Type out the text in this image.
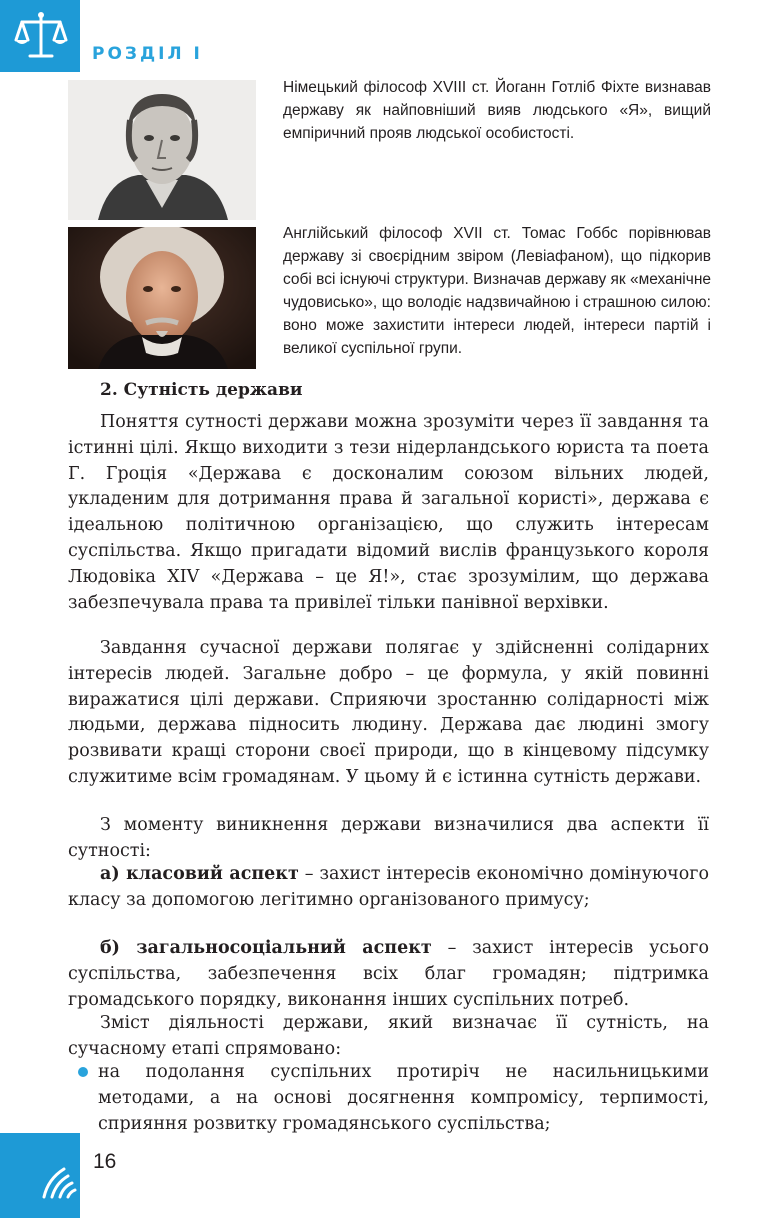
РОЗДІЛ І
Німецький філософ XVIII ст. Йоганн Готліб Фіхте визнавав державу як найповніший вияв людського «Я», вищий емпіричний прояв людської особистості.
Англійський філософ XVII ст. Томас Гоббс порівнював державу зі своєрідним звіром (Левіафаном), що підкорив собі всі існуючі структури. Визначав державу як «механічне чудовисько», що володіє надзвичайною і страшною силою: воно може захистити інтереси людей, інтереси партій і великої суспільної групи.
2. Сутність держави
Поняття сутності держави можна зрозуміти через її завдання та істинні цілі. Якщо виходити з тези нідерландського юриста та поета Г. Гроція «Держава є досконалим союзом вільних людей, укладеним для дотримання права й загальної користі», держава є ідеальною політичною організацією, що служить інтересам суспільства. Якщо пригадати відомий вислів французького короля Людовіка XIV «Держава – це Я!», стає зрозумілим, що держава забезпечувала права та привілеї тільки панівної верхівки.
Завдання сучасної держави полягає у здійсненні солідарних інтересів людей. Загальне добро – це формула, у якій повинні виражатися цілі держави. Сприяючи зростанню солідарності між людьми, держава підносить людину. Держава дає людині змогу розвивати кращі сторони своєї природи, що в кінцевому підсумку служитиме всім громадянам. У цьому й є істинна сутність держави.
З моменту виникнення держави визначилися два аспекти її сутності:
а) класовий аспект – захист інтересів економічно домінуючого класу за допомогою легітимно організованого примусу;
б) загальносоціальний аспект – захист інтересів усього суспільства, забезпечення всіх благ громадян; підтримка громадського порядку, виконання інших суспільних потреб.
Зміст діяльності держави, який визначає її сутність, на сучасному етапі спрямовано:
на подолання суспільних протиріч не насильницькими методами, а на основі досягнення компромісу, терпимості, сприяння розвитку громадянського суспільства;
16
